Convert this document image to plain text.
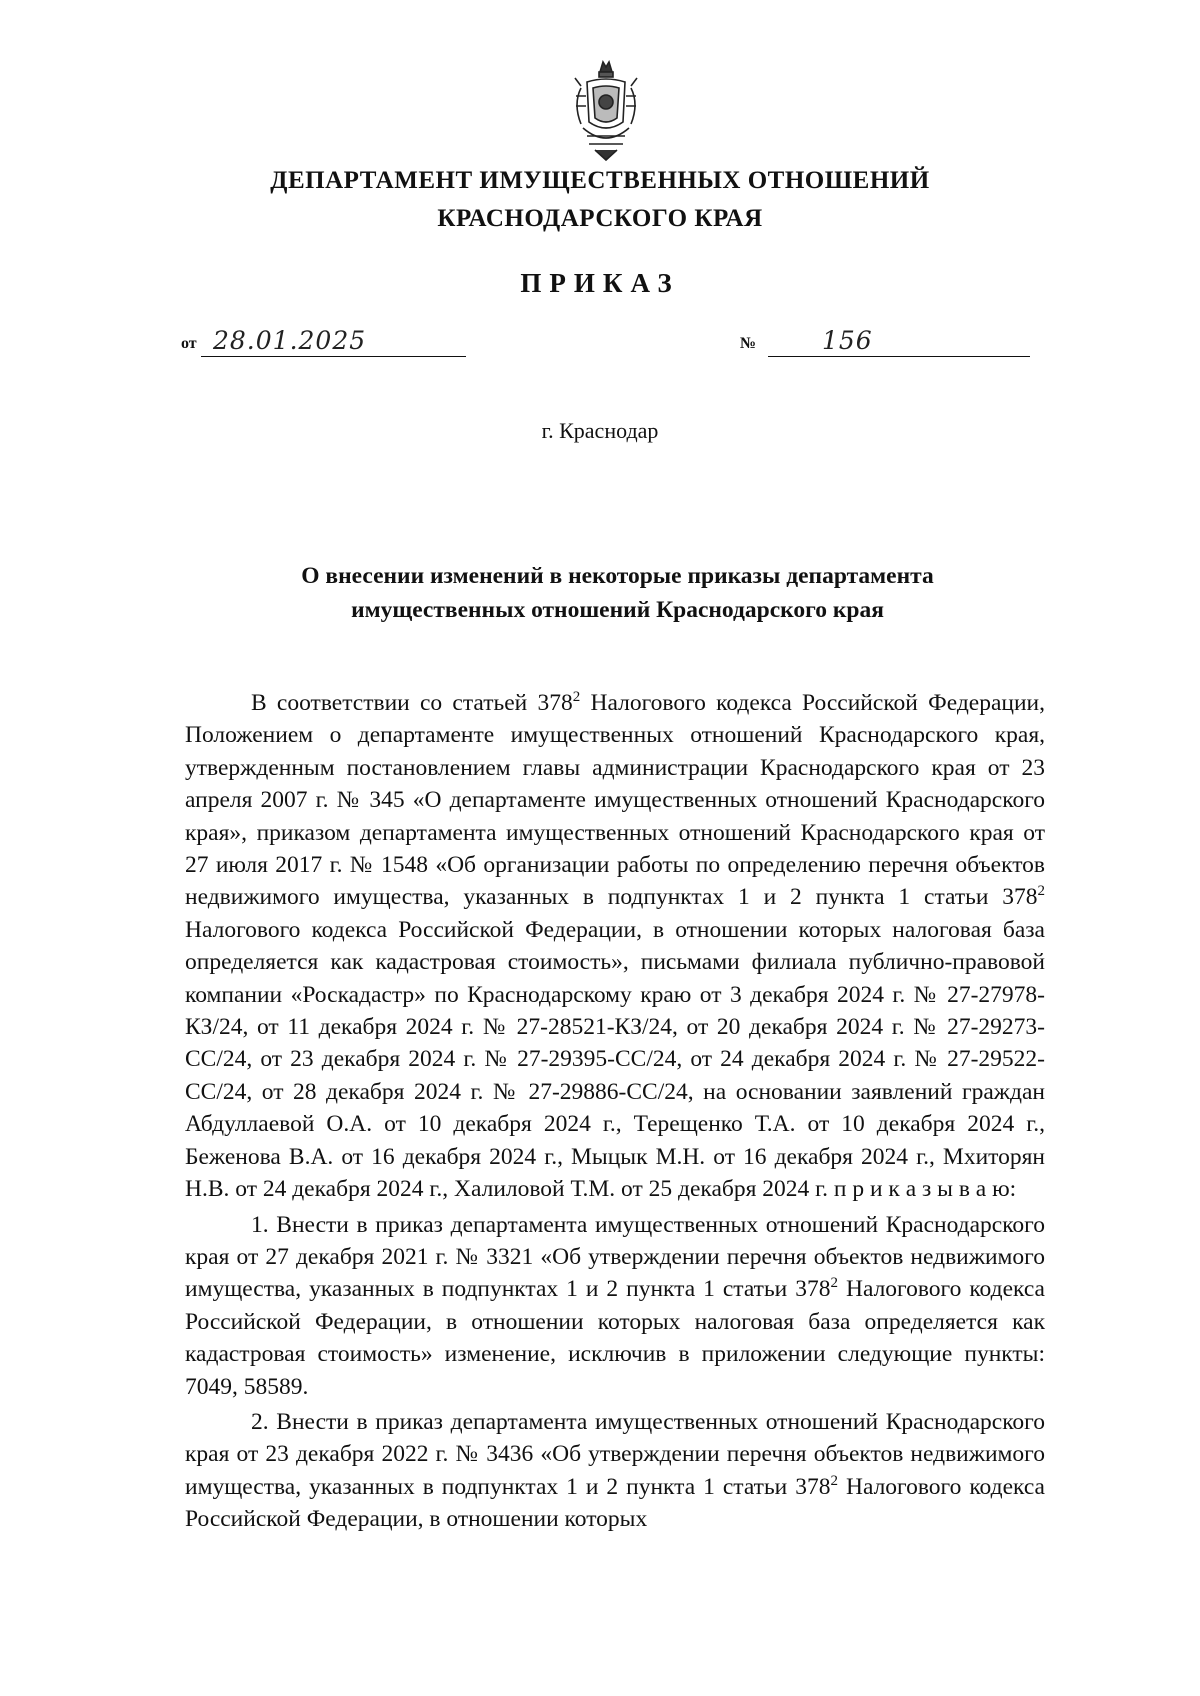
ДЕПАРТАМЕНТ ИМУЩЕСТВЕННЫХ ОТНОШЕНИЙ
КРАСНОДАРСКОГО КРАЯ
ПРИКАЗ
от 28.01.2025	№	156
г. Краснодар
О внесении изменений в некоторые приказы департамента
имущественных отношений Краснодарского края

В соответствии со статьей $378^2$ Налогового кодекса Российской Федерации, Положением о департаменте имущественных отношений Краснодарского края, утвержденным постановлением главы администрации Краснодарского края от 23 апреля 2007 г. № 345 «О департаменте имущественных отношений Краснодарского края», приказом департамента имущественных отношений Краснодарского края от 27 июля 2017 г. № 1548 «Об организации работы по определению перечня объектов недвижимого имущества, указанных в подпунктах 1 и 2 пункта 1 статьи $378^2$ Налогового кодекса Российской Федерации, в отношении которых налоговая база определяется как кадастровая стоимость», письмами филиала публично-правовой компании «Роскадастр» по Краснодарскому краю от 3 декабря 2024 г. № 27-27978-КЗ/24, от 11 декабря 2024 г. № 27-28521-КЗ/24, от 20 декабря 2024 г. № 27-29273-СС/24, от 23 декабря 2024 г. № 27-29395-СС/24, от 24 декабря 2024 г. № 27-29522-СС/24, от 28 декабря 2024 г. № 27-29886-СС/24, на основании заявлений граждан Абдуллаевой О.А. от 10 декабря 2024 г., Терещенко Т.А. от 10 декабря 2024 г., Беженова В.А. от 16 декабря 2024 г., Мыцык М.Н. от 16 декабря 2024 г., Мхиторян Н.В. от 24 декабря 2024 г., Халиловой Т.М. от 25 декабря 2024 г. п р и к а з ы в а ю:

1. Внести в приказ департамента имущественных отношений Краснодарского края от 27 декабря 2021 г. № 3321 «Об утверждении перечня объектов недвижимого имущества, указанных в подпунктах 1 и 2 пункта 1 статьи $378^2$ Налогового кодекса Российской Федерации, в отношении которых налоговая база определяется как кадастровая стоимость» изменение, исключив в приложении следующие пункты: 7049, 58589.

2. Внести в приказ департамента имущественных отношений Краснодарского края от 23 декабря 2022 г. № 3436 «Об утверждении перечня объектов недвижимого имущества, указанных в подпунктах 1 и 2 пункта 1 статьи $378^2$ Налогового кодекса Российской Федерации, в отношении которых
